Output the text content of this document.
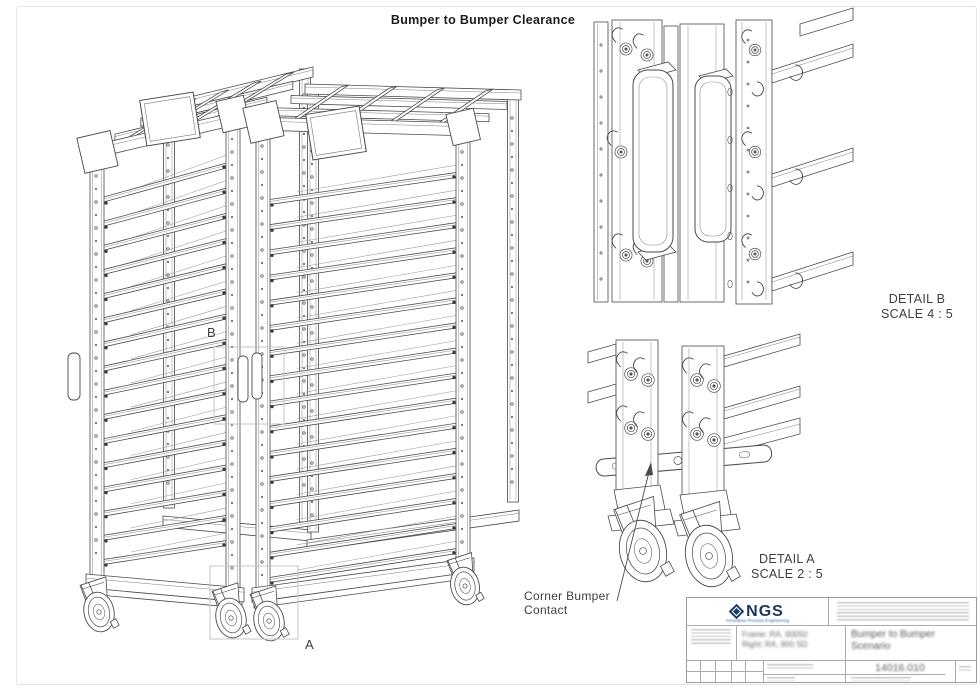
Bumper to Bumper Clearance
B
A
DETAIL B
SCALE 4 : 5
DETAIL A
SCALE 2 : 5
Corner Bumper
Contact	NGS
Innovative Process Engineering
Frame: RA, 90050
Right: RA, 900 SD
Bumper to Bumper
Scenario
14016.010
